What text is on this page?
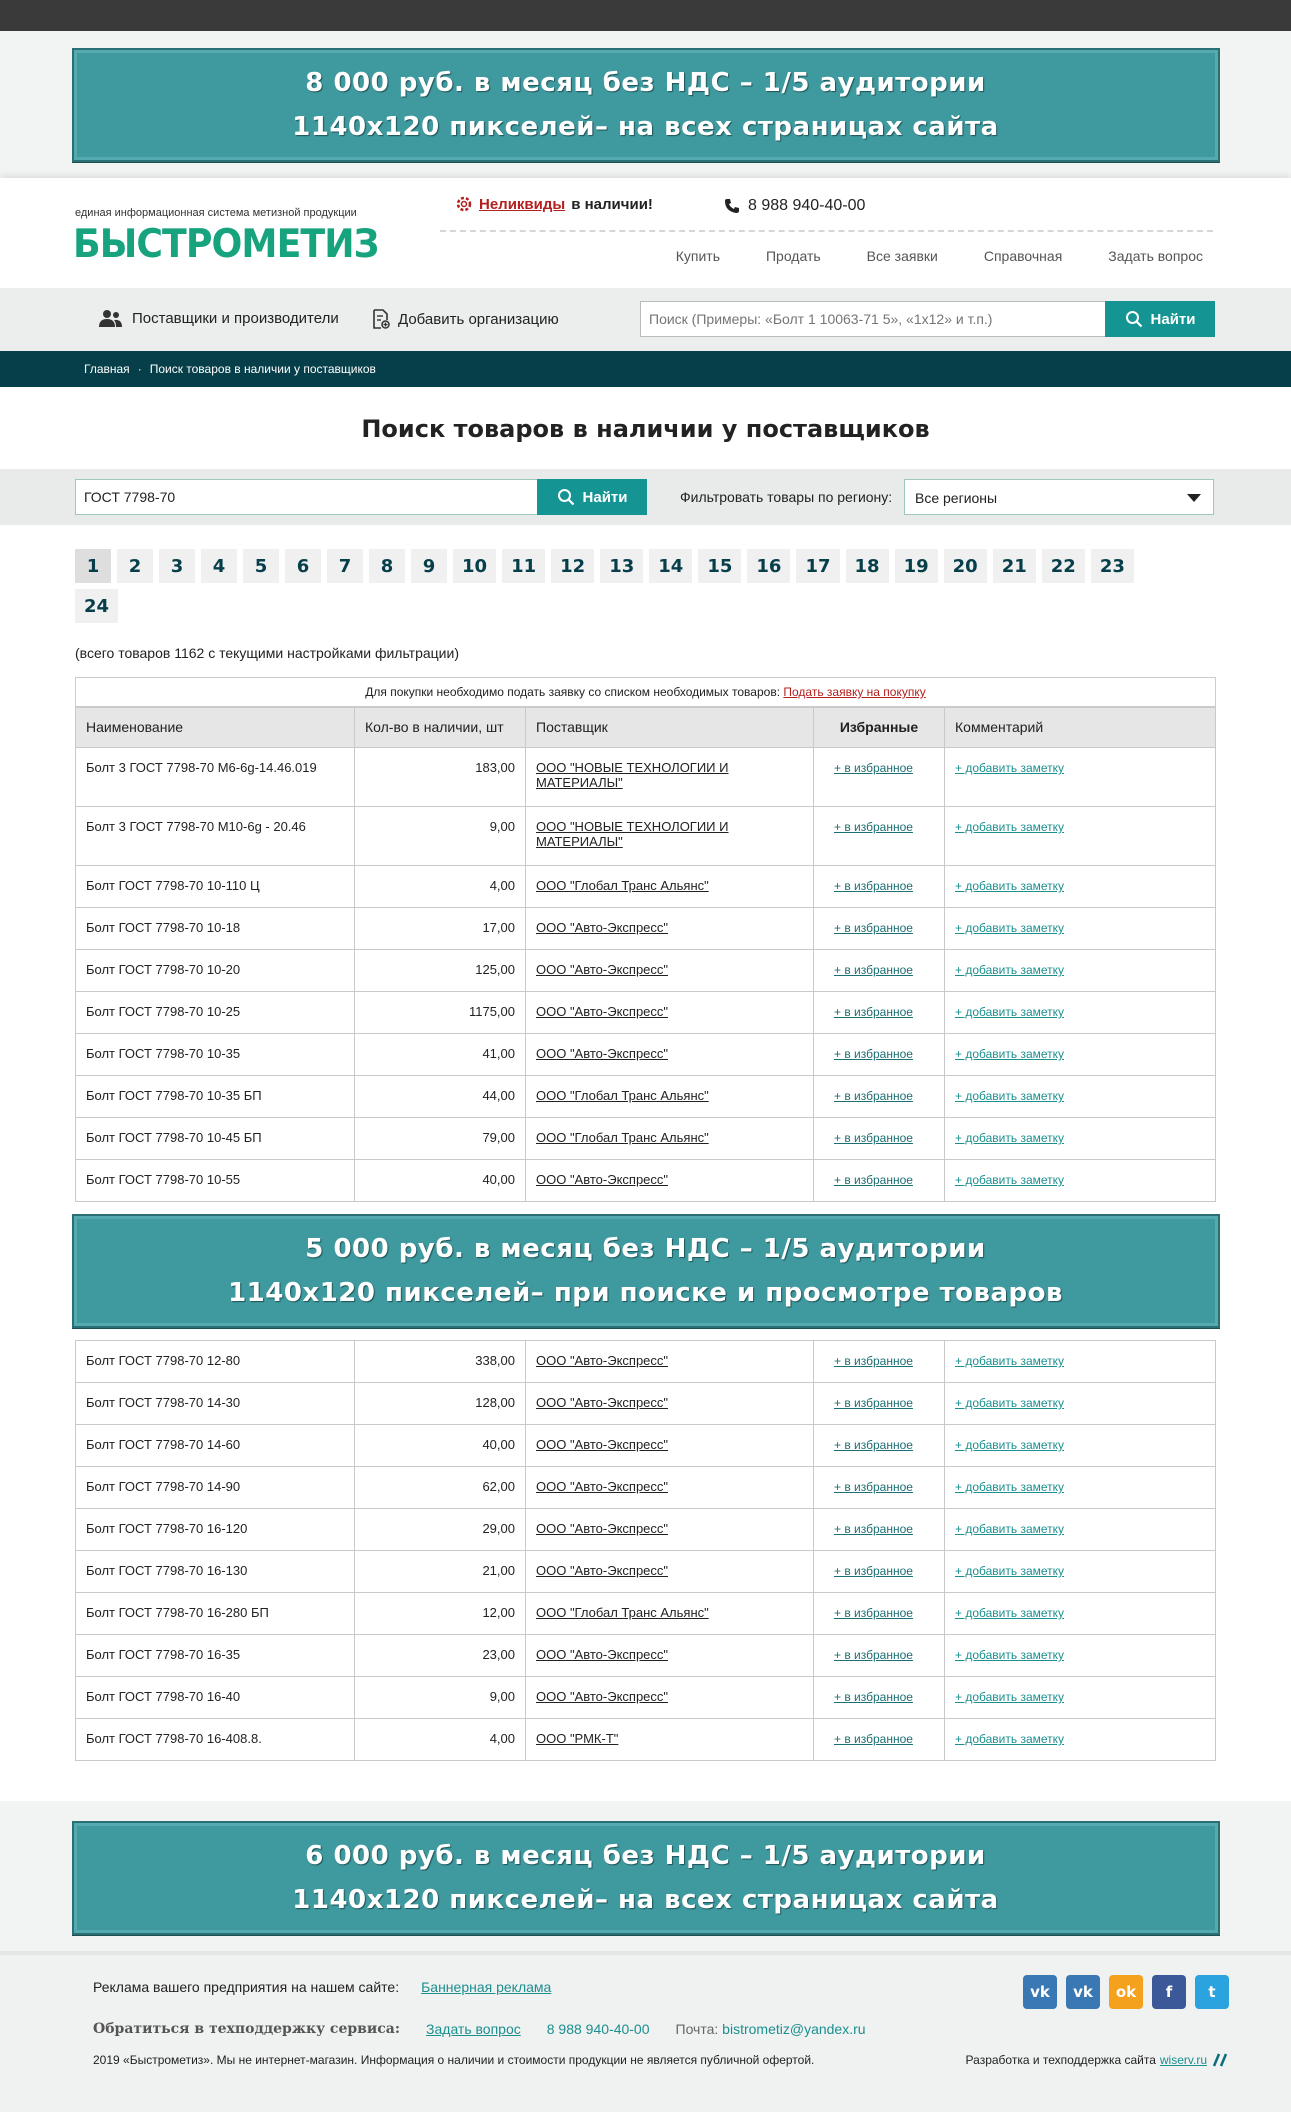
8 000 руб. в месяц без НДС – 1/5 аудитории
1140x120 пикселей– на всех страницах сайта
единая информационная система метизной продукции
БЫСТРОМЕТИЗ
Неликвиды в наличии!	8 988 940-40-00
Купить	Продать	Все заявки	Справочная	Задать вопрос
Поставщики и производители	Добавить организацию
Поиск (Примеры: «Болт 1 10063-71 5», «1х12» и т.п.)	Найти
Главная · Поиск товаров в наличии у поставщиков
Поиск товаров в наличии у поставщиков
ГОСТ 7798-70
Найти	Фильтровать товары по региону:	Все регионы
1	2	3	4	5	6	7	8	9	10	11	12	13	14	15	16	17	18	19	20	21	22	23
24
(всего товаров 1162 с текущими настройками фильтрации)
Для покупки необходимо подать заявку со списком необходимых товаров: Подать заявку на покупку
Наименование	Кол-во в наличии, шт	Поставщик	Избранные	Комментарий
Болт 3 ГОСТ 7798-70 М6-6g-14.46.019	183,00	ООО "НОВЫЕ ТЕХНОЛОГИИ И МАТЕРИАЛЫ"	+ в избранное	+ добавить заметку
Болт 3 ГОСТ 7798-70 М10-6g - 20.46	9,00	ООО "НОВЫЕ ТЕХНОЛОГИИ И МАТЕРИАЛЫ"	+ в избранное	+ добавить заметку
Болт ГОСТ 7798-70 10-110 Ц	4,00	ООО "Глобал Транс Альянс"	+ в избранное	+ добавить заметку
Болт ГОСТ 7798-70 10-18	17,00	ООО "Авто-Экспресс"	+ в избранное	+ добавить заметку
Болт ГОСТ 7798-70 10-20	125,00	ООО "Авто-Экспресс"	+ в избранное	+ добавить заметку
Болт ГОСТ 7798-70 10-25	1175,00	ООО "Авто-Экспресс"	+ в избранное	+ добавить заметку
Болт ГОСТ 7798-70 10-35	41,00	ООО "Авто-Экспресс"	+ в избранное	+ добавить заметку
Болт ГОСТ 7798-70 10-35 БП	44,00	ООО "Глобал Транс Альянс"	+ в избранное	+ добавить заметку
Болт ГОСТ 7798-70 10-45 БП	79,00	ООО "Глобал Транс Альянс"	+ в избранное	+ добавить заметку
Болт ГОСТ 7798-70 10-55	40,00	ООО "Авто-Экспресс"	+ в избранное	+ добавить заметку
5 000 руб. в месяц без НДС – 1/5 аудитории
1140x120 пикселей– при поиске и просмотре товаров
Болт ГОСТ 7798-70 12-80	338,00	ООО "Авто-Экспресс"	+ в избранное	+ добавить заметку
Болт ГОСТ 7798-70 14-30	128,00	ООО "Авто-Экспресс"	+ в избранное	+ добавить заметку
Болт ГОСТ 7798-70 14-60	40,00	ООО "Авто-Экспресс"	+ в избранное	+ добавить заметку
Болт ГОСТ 7798-70 14-90	62,00	ООО "Авто-Экспресс"	+ в избранное	+ добавить заметку
Болт ГОСТ 7798-70 16-120	29,00	ООО "Авто-Экспресс"	+ в избранное	+ добавить заметку
Болт ГОСТ 7798-70 16-130	21,00	ООО "Авто-Экспресс"	+ в избранное	+ добавить заметку
Болт ГОСТ 7798-70 16-280 БП	12,00	ООО "Глобал Транс Альянс"	+ в избранное	+ добавить заметку
Болт ГОСТ 7798-70 16-35	23,00	ООО "Авто-Экспресс"	+ в избранное	+ добавить заметку
Болт ГОСТ 7798-70 16-40	9,00	ООО "Авто-Экспресс"	+ в избранное	+ добавить заметку
Болт ГОСТ 7798-70 16-408.8.	4,00	ООО "РМК-Т"	+ в избранное	+ добавить заметку
6 000 руб. в месяц без НДС – 1/5 аудитории
1140x120 пикселей– на всех страницах сайта
Реклама вашего предприятия на нашем сайте: Баннерная реклама
Обратиться в техподдержку сервиса: Задать вопрос 8 988 940-40-00 Почта: bistrometiz@yandex.ru
2019 «Быстрометиз». Мы не интернет-магазин. Информация о наличии и стоимости продукции не является публичной офертой.	Разработка и техподдержка сайта wiserv.ru
vk	vk	ok	f	t
